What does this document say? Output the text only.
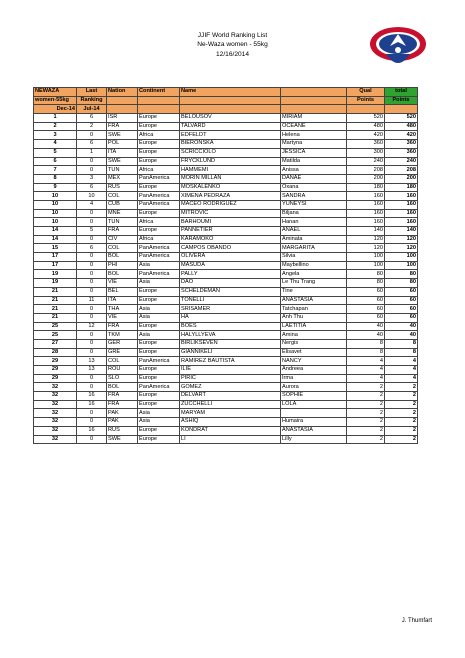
JJIF World Ranking List
Ne-Waza women - 55kg
12/16/2014
NEWAZA	Last	Nation	Continent	Name		Qual	total
women-55kg	Ranking					Points	Points
Dec-14	Jul-14						
1	6	ISR	Europe	BELOUSOV	MIRIAM	520	520
2	2	FRA	Europe	TALVARD	OCEANE	480	480
3	0	SWE	Africa	EDFELDT	Helena	420	420
4	6	POL	Europe	BIERONSKA	Martyna	360	360
5	1	ITA	Europe	SCRICCIOLO	JESSICA	300	360
6	0	SWE	Europe	FRYCKLUND	Matilda	240	240
7	0	TUN	Africa	HAMMEMI	Anissa	208	208
8	3	MEX	PanAmerica	MORIN MILLAN	DANAE	200	200
9	6	RUS	Europe	MOSKALENKO	Oxana	180	180
10	10	COL	PanAmerica	XIMENA PEDRAZA	SANDRA	160	160
10	4	CUB	PanAmerica	MACEO RODRIGUEZ	YUNEYSI	160	160
10	0	MNE	Europe	MITROVIC	Biljana	160	160
10	0	TUN	Africa	BARHOUMI	Hanan	160	160
14	5	FRA	Europe	PANNETIER	ANAEL	140	140
14	0	CIV	Africa	KARAMOKO	Aminata	120	120
15	6	COL	PanAmerica	CAMPOS OBANDO	MARGARITA	120	120
17	0	BOL	PanAmerica	OLIVERA	Silvia	100	100
17	0	PHI	Asia	MASUDA	Maybellino	100	100
19	0	BOL	PanAmerica	PALLY	Angela	80	80
19	0	VIE	Asia	DAO	Le Thu Trang	80	80
21	0	BEL	Europe	SCHELDEMAN	Tine	60	60
21	11	ITA	Europe	TONELLI	ANASTASIA	60	60
21	0	THA	Asia	SRISAMER	Tatchapan	60	60
21	0	VIE	Asia	HA	Anh Thu	60	60
25	12	FRA	Europe	BOES	LAETITIA	40	40
25	0	TKM	Asia	HALYLLYEVA	Amina	40	40
27	0	GER	Europe	BIRLIKSEVEN	Nergis	8	8
28	0	GRE	Europe	GIANNIKELI	Elisavet	8	8
29	13	COL	PanAmerica	RAMIREZ BAUTISTA	NANCY	4	4
29	13	ROU	Europe	ILIE	Andreea	4	4
29	0	SLO	Europe	PIRIC	Irma	4	4
32	0	BOL	PanAmerica	GOMEZ	Aurora	2	2
32	16	FRA	Europe	DELVART	SOPHIE	2	2
32	16	FRA	Europe	ZUCCHELLI	LOLA	2	2
32	0	PAK	Asia	MARYAM		2	2
32	0	PAK	Asia	ASHIQ	Humaira	2	2
32	16	RUS	Europe	KONDRAT	ANASTASIA	2	2
32	0	SWE	Europe	LI	Lilly	2	2
J. Thumfart
